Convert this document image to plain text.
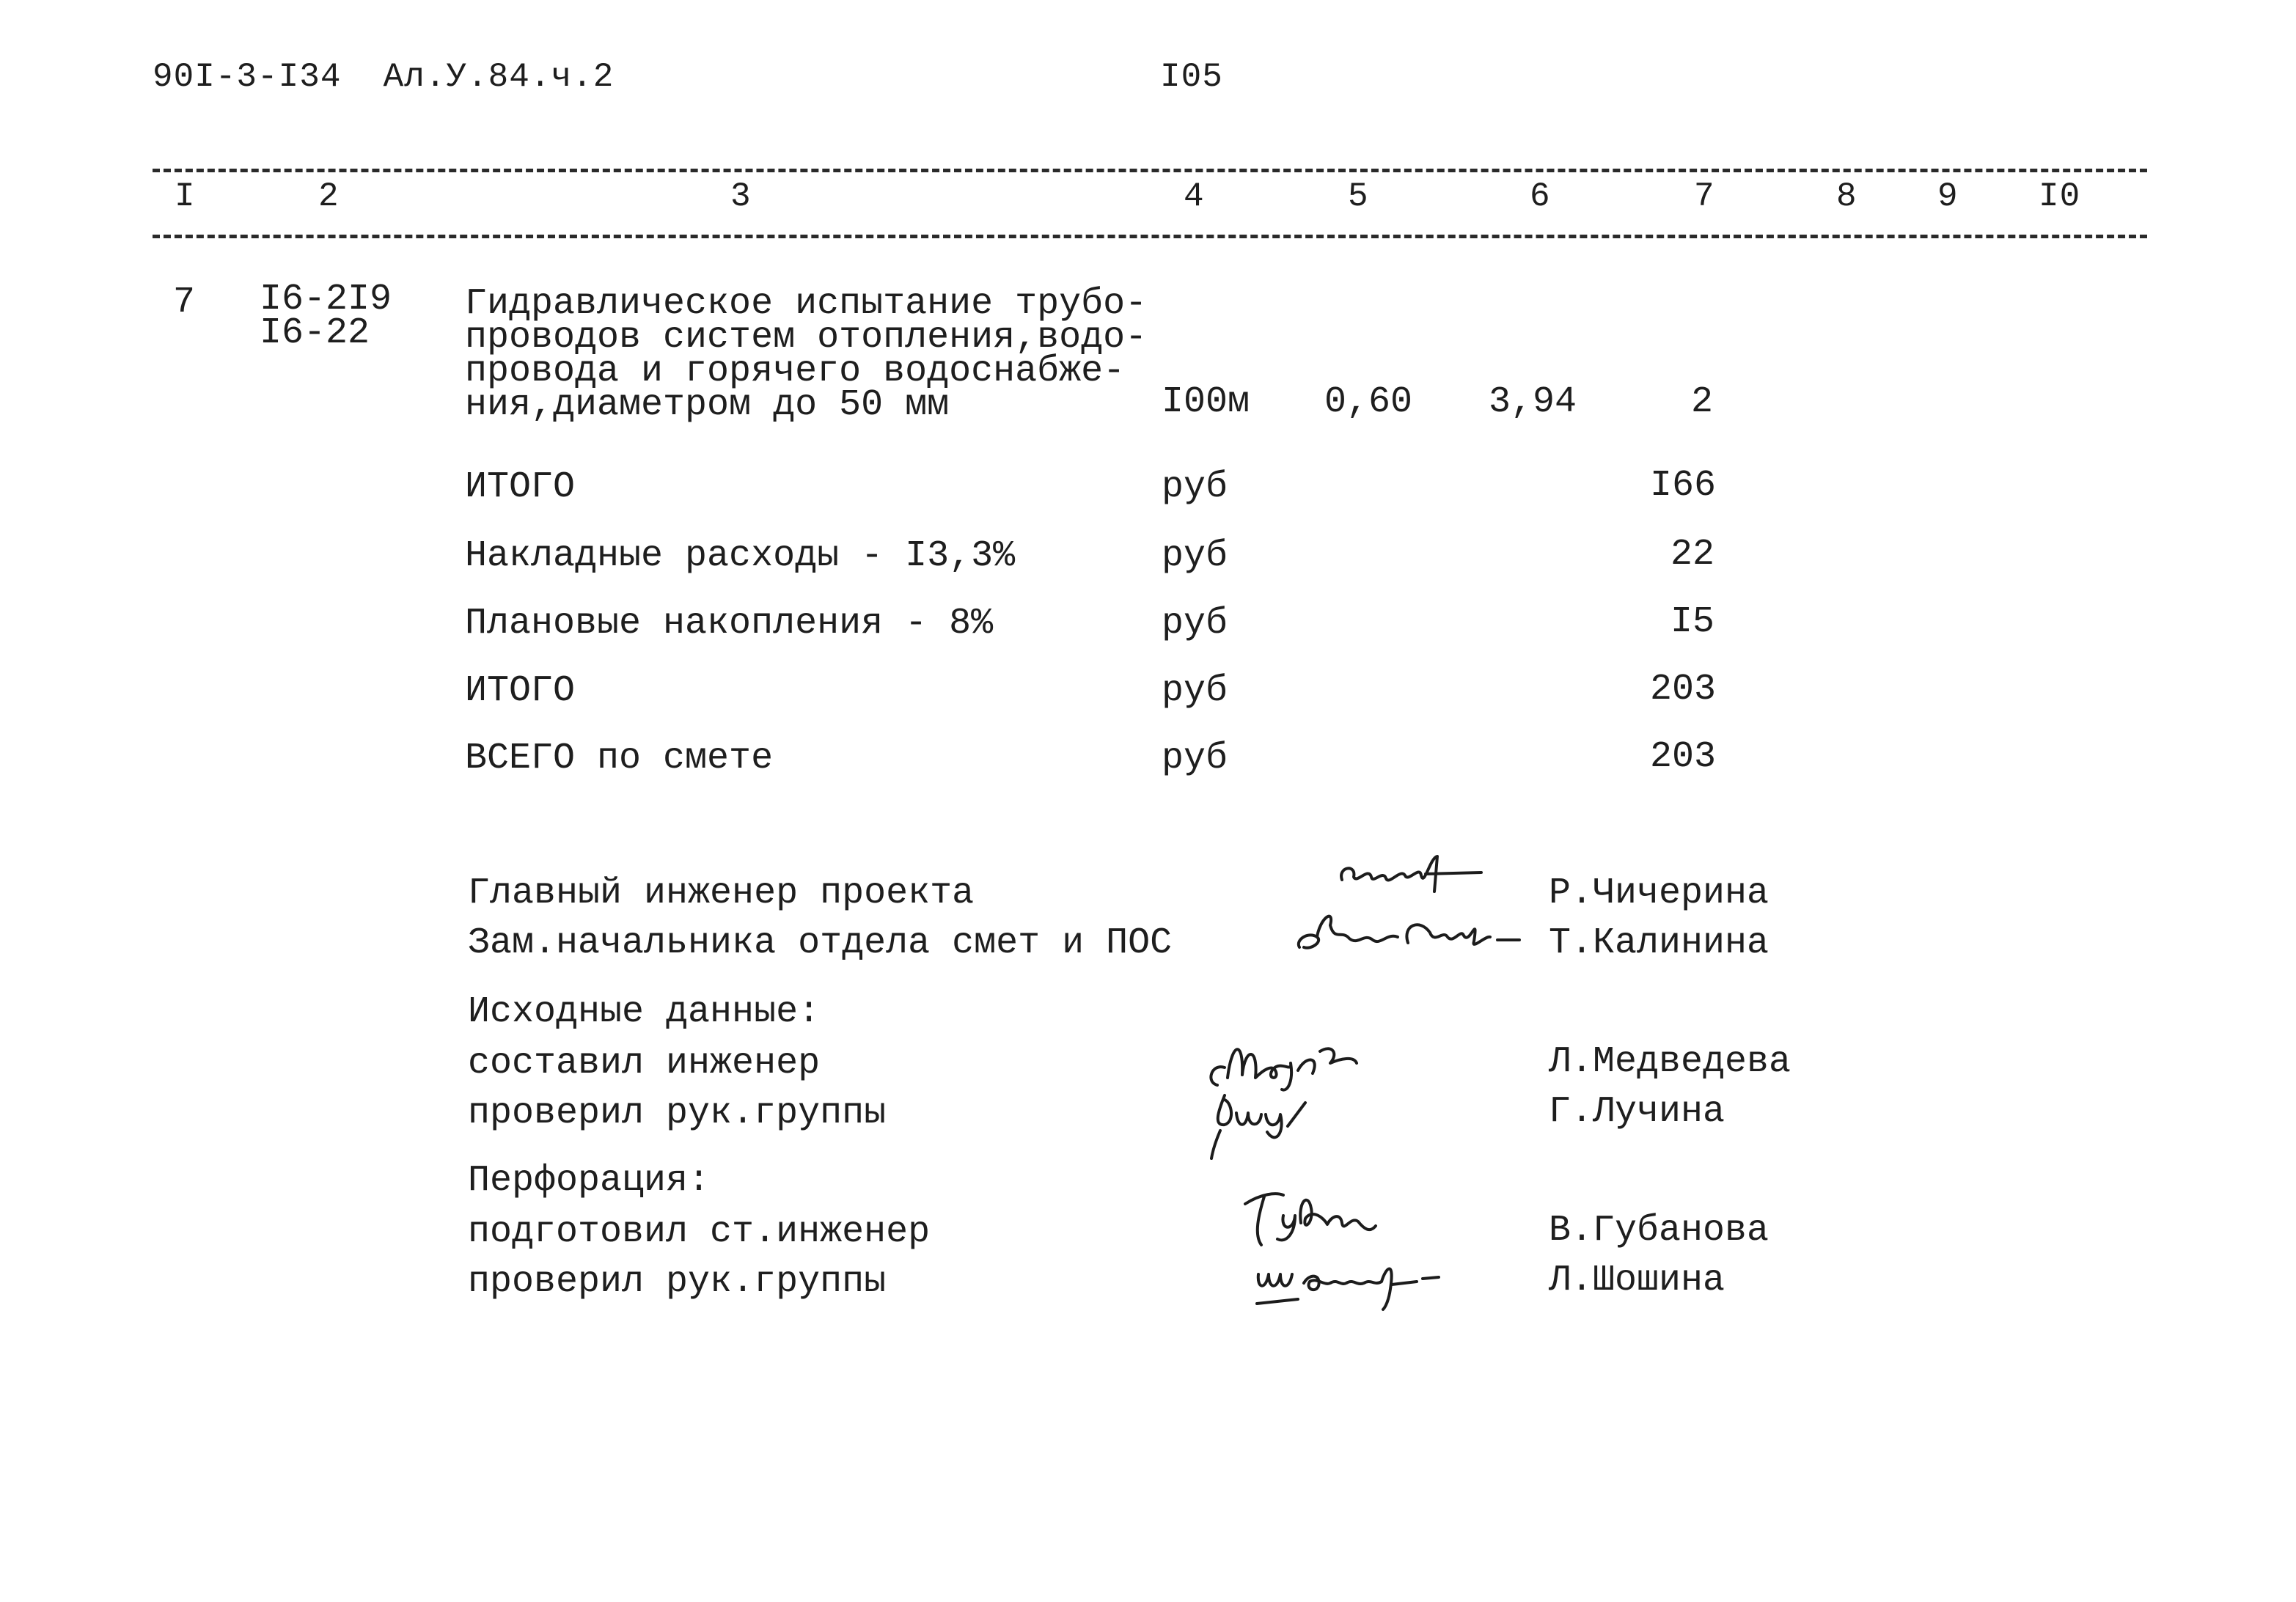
90I-3-I34  Ал.У.84.ч.2	I05
I	2	3	4	5	6	7	8 9 I0
7 I6-2I9
I6-22
Гидравлическое испытание трубо-
проводов систем отопления,водо-
провода и горячего водоснабже-
ния,диаметром до 50 мм	I00м 0,60 3,94	2
ИТОГО	руб	I66
Накладные расходы - I3,3%	руб	22
Плановые накопления - 8%	руб	I5
ИТОГО	руб	203
ВСЕГО по смете	руб	203
Главный инженер проекта	Р.Чичерина
Зам.начальника отдела смет и ПОС	Т.Калинина
Исходные данные:
составил инженер	Л.Медведева
проверил рук.группы	Г.Лучина
Перфорация:
подготовил ст.инженер	В.Губанова
проверил рук.группы	Л.Шошина
